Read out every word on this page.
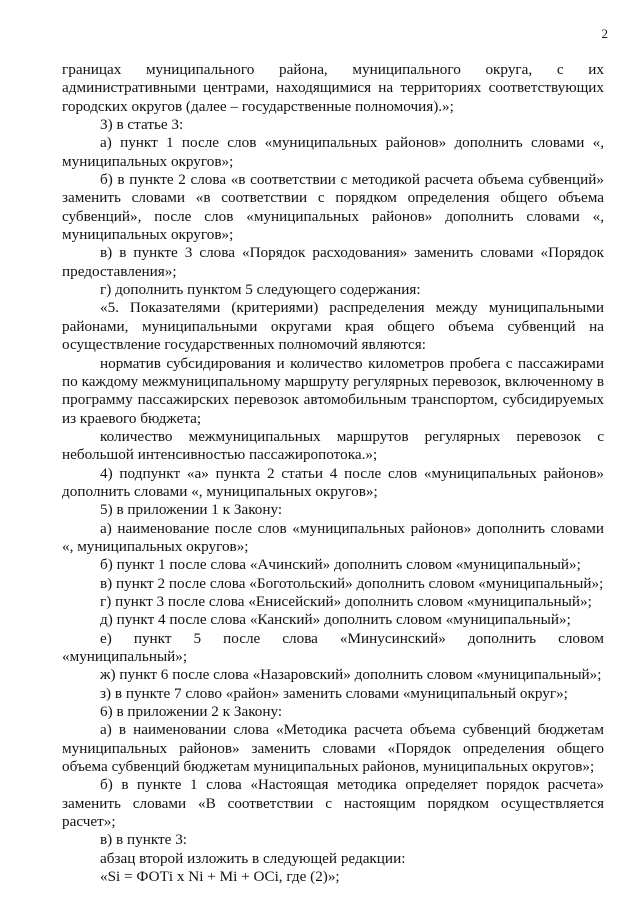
2

границах муниципального района, муниципального округа, с их административными центрами, находящимися на территориях соответствующих городских округов (далее – государственные полномочия).»;

3) в статье 3:

а) пункт 1 после слов «муниципальных районов» дополнить словами «, муниципальных округов»;

б) в пункте 2 слова «в соответствии с методикой расчета объема субвенций» заменить словами «в соответствии с порядком определения общего объема субвенций», после слов «муниципальных районов» дополнить словами «, муниципальных округов»;

в) в пункте 3 слова «Порядок расходования» заменить словами «Порядок предоставления»;

г) дополнить пунктом 5 следующего содержания:

«5. Показателями (критериями) распределения между муниципальными районами, муниципальными округами края общего объема субвенций на осуществление государственных полномочий являются:

норматив субсидирования и количество километров пробега с пассажирами по каждому межмуниципальному маршруту регулярных перевозок, включенному в программу пассажирских перевозок автомобильным транспортом, субсидируемых из краевого бюджета;

количество межмуниципальных маршрутов регулярных перевозок с небольшой интенсивностью пассажиропотока.»;

4) подпункт «а» пункта 2 статьи 4 после слов «муниципальных районов» дополнить словами «, муниципальных округов»;

5) в приложении 1 к Закону:

а) наименование после слов «муниципальных районов» дополнить словами «, муниципальных округов»;

б) пункт 1 после слова «Ачинский» дополнить словом «муниципальный»;

в) пункт 2 после слова «Боготольский» дополнить словом «муниципальный»;

г) пункт 3 после слова «Енисейский» дополнить словом «муниципальный»;

д) пункт 4 после слова «Канский» дополнить словом «муниципальный»;

е) пункт 5 после слова «Минусинский» дополнить словом «муниципальный»;

ж) пункт 6 после слова «Назаровский» дополнить словом «муниципальный»;

з) в пункте 7 слово «район» заменить словами «муниципальный округ»;

6) в приложении 2 к Закону:

а) в наименовании слова «Методика расчета объема субвенций бюджетам муниципальных районов» заменить словами «Порядок определения общего объема субвенций бюджетам муниципальных районов, муниципальных округов»;

б) в пункте 1 слова «Настоящая методика определяет порядок расчета» заменить словами «В соответствии с настоящим порядком осуществляется расчет»;

в) в пункте 3:

абзац второй изложить в следующей редакции:

«Si = ФОТi x Ni + Mi + OCi, где (2)»;
